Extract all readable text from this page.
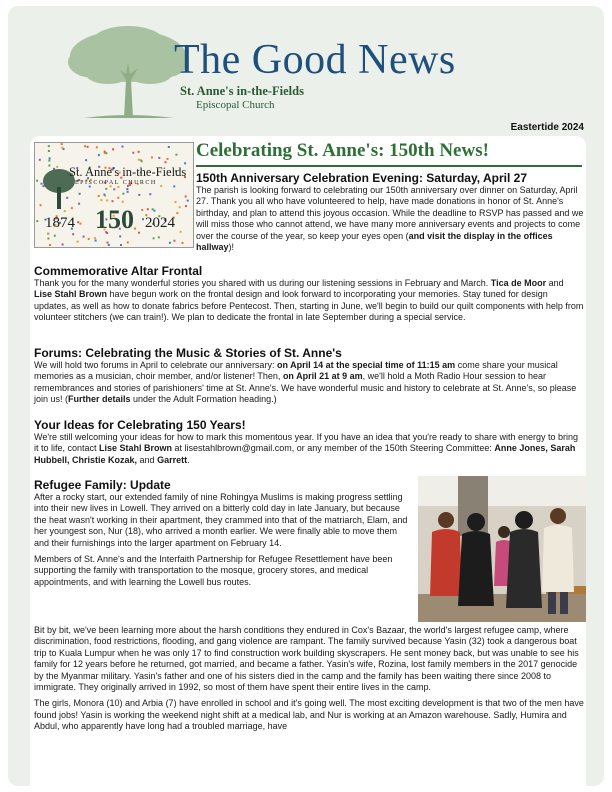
The Good News
St. Anne's in-the-Fields
Episcopal Church
Eastertide 2024
St. Anne's in-the-Fields
EPISCOPAL CHURCH
1874 150 2024
Celebrating St. Anne's: 150th News!
150th Anniversary Celebration Evening: Saturday, April 27

The parish is looking forward to celebrating our 150th anniversary over dinner on Saturday, April 27. Thank you all who have volunteered to help, have made donations in honor of St. Anne's birthday, and plan to attend this joyous occasion. While the deadline to RSVP has passed and we will miss those who cannot attend, we have many more anniversary events and projects to come over the course of the year, so keep your eyes open (and visit the display in the offices hallway)!

Commemorative Altar Frontal

Thank you for the many wonderful stories you shared with us during our listening sessions in February and March. Tica de Moor and Lise Stahl Brown have begun work on the frontal design and look forward to incorporating your memories. Stay tuned for design updates, as well as how to donate fabrics before Pentecost. Then, starting in June, we'll begin to build our quilt components with help from volunteer stitchers (we can train!). We plan to dedicate the frontal in late September during a special service.

Forums: Celebrating the Music & Stories of St. Anne's

We will hold two forums in April to celebrate our anniversary: on April 14 at the special time of 11:15 am come share your musical memories as a musician, choir member, and/or listener! Then, on April 21 at 9 am, we'll hold a Moth Radio Hour session to hear remembrances and stories of parishioners' time at St. Anne's. We have wonderful music and history to celebrate at St. Anne's, so please join us! (Further details under the Adult Formation heading.)

Your Ideas for Celebrating 150 Years!

We're still welcoming your ideas for how to mark this momentous year. If you have an idea that you're ready to share with energy to bring it to life, contact Lise Stahl Brown at lisestahlbrown@gmail.com, or any member of the 150th Steering Committee: Anne Jones, Sarah Hubbell, Christie Kozak, and Garrett.

Refugee Family: Update

After a rocky start, our extended family of nine Rohingya Muslims is making progress settling into their new lives in Lowell. They arrived on a bitterly cold day in late January, but because the heat wasn't working in their apartment, they crammed into that of the matriarch, Elam, and her youngest son, Nur (18), who arrived a month earlier. We were finally able to move them and their furnishings into the larger apartment on February 14.

Members of St. Anne's and the Interfaith Partnership for Refugee Resettlement have been supporting the family with transportation to the mosque, grocery stores, and medical appointments, and with learning the Lowell bus routes.

Bit by bit, we've been learning more about the harsh conditions they endured in Cox's Bazaar, the world's largest refugee camp, where discrimination, food restrictions, flooding, and gang violence are rampant. The family survived because Yasin (32) took a dangerous boat trip to Kuala Lumpur when he was only 17 to find construction work building skyscrapers. He sent money back, but was unable to see his family for 12 years before he returned, got married, and became a father. Yasin's wife, Rozina, lost family members in the 2017 genocide by the Myanmar military. Yasin's father and one of his sisters died in the camp and the family has been waiting there since 2008 to immigrate. They originally arrived in 1992, so most of them have spent their entire lives in the camp.

The girls, Monora (10) and Arbia (7) have enrolled in school and it's going well. The most exciting development is that two of the men have found jobs! Yasin is working the weekend night shift at a medical lab, and Nur is working at an Amazon warehouse. Sadly, Humira and Abdul, who apparently have long had a troubled marriage, have
